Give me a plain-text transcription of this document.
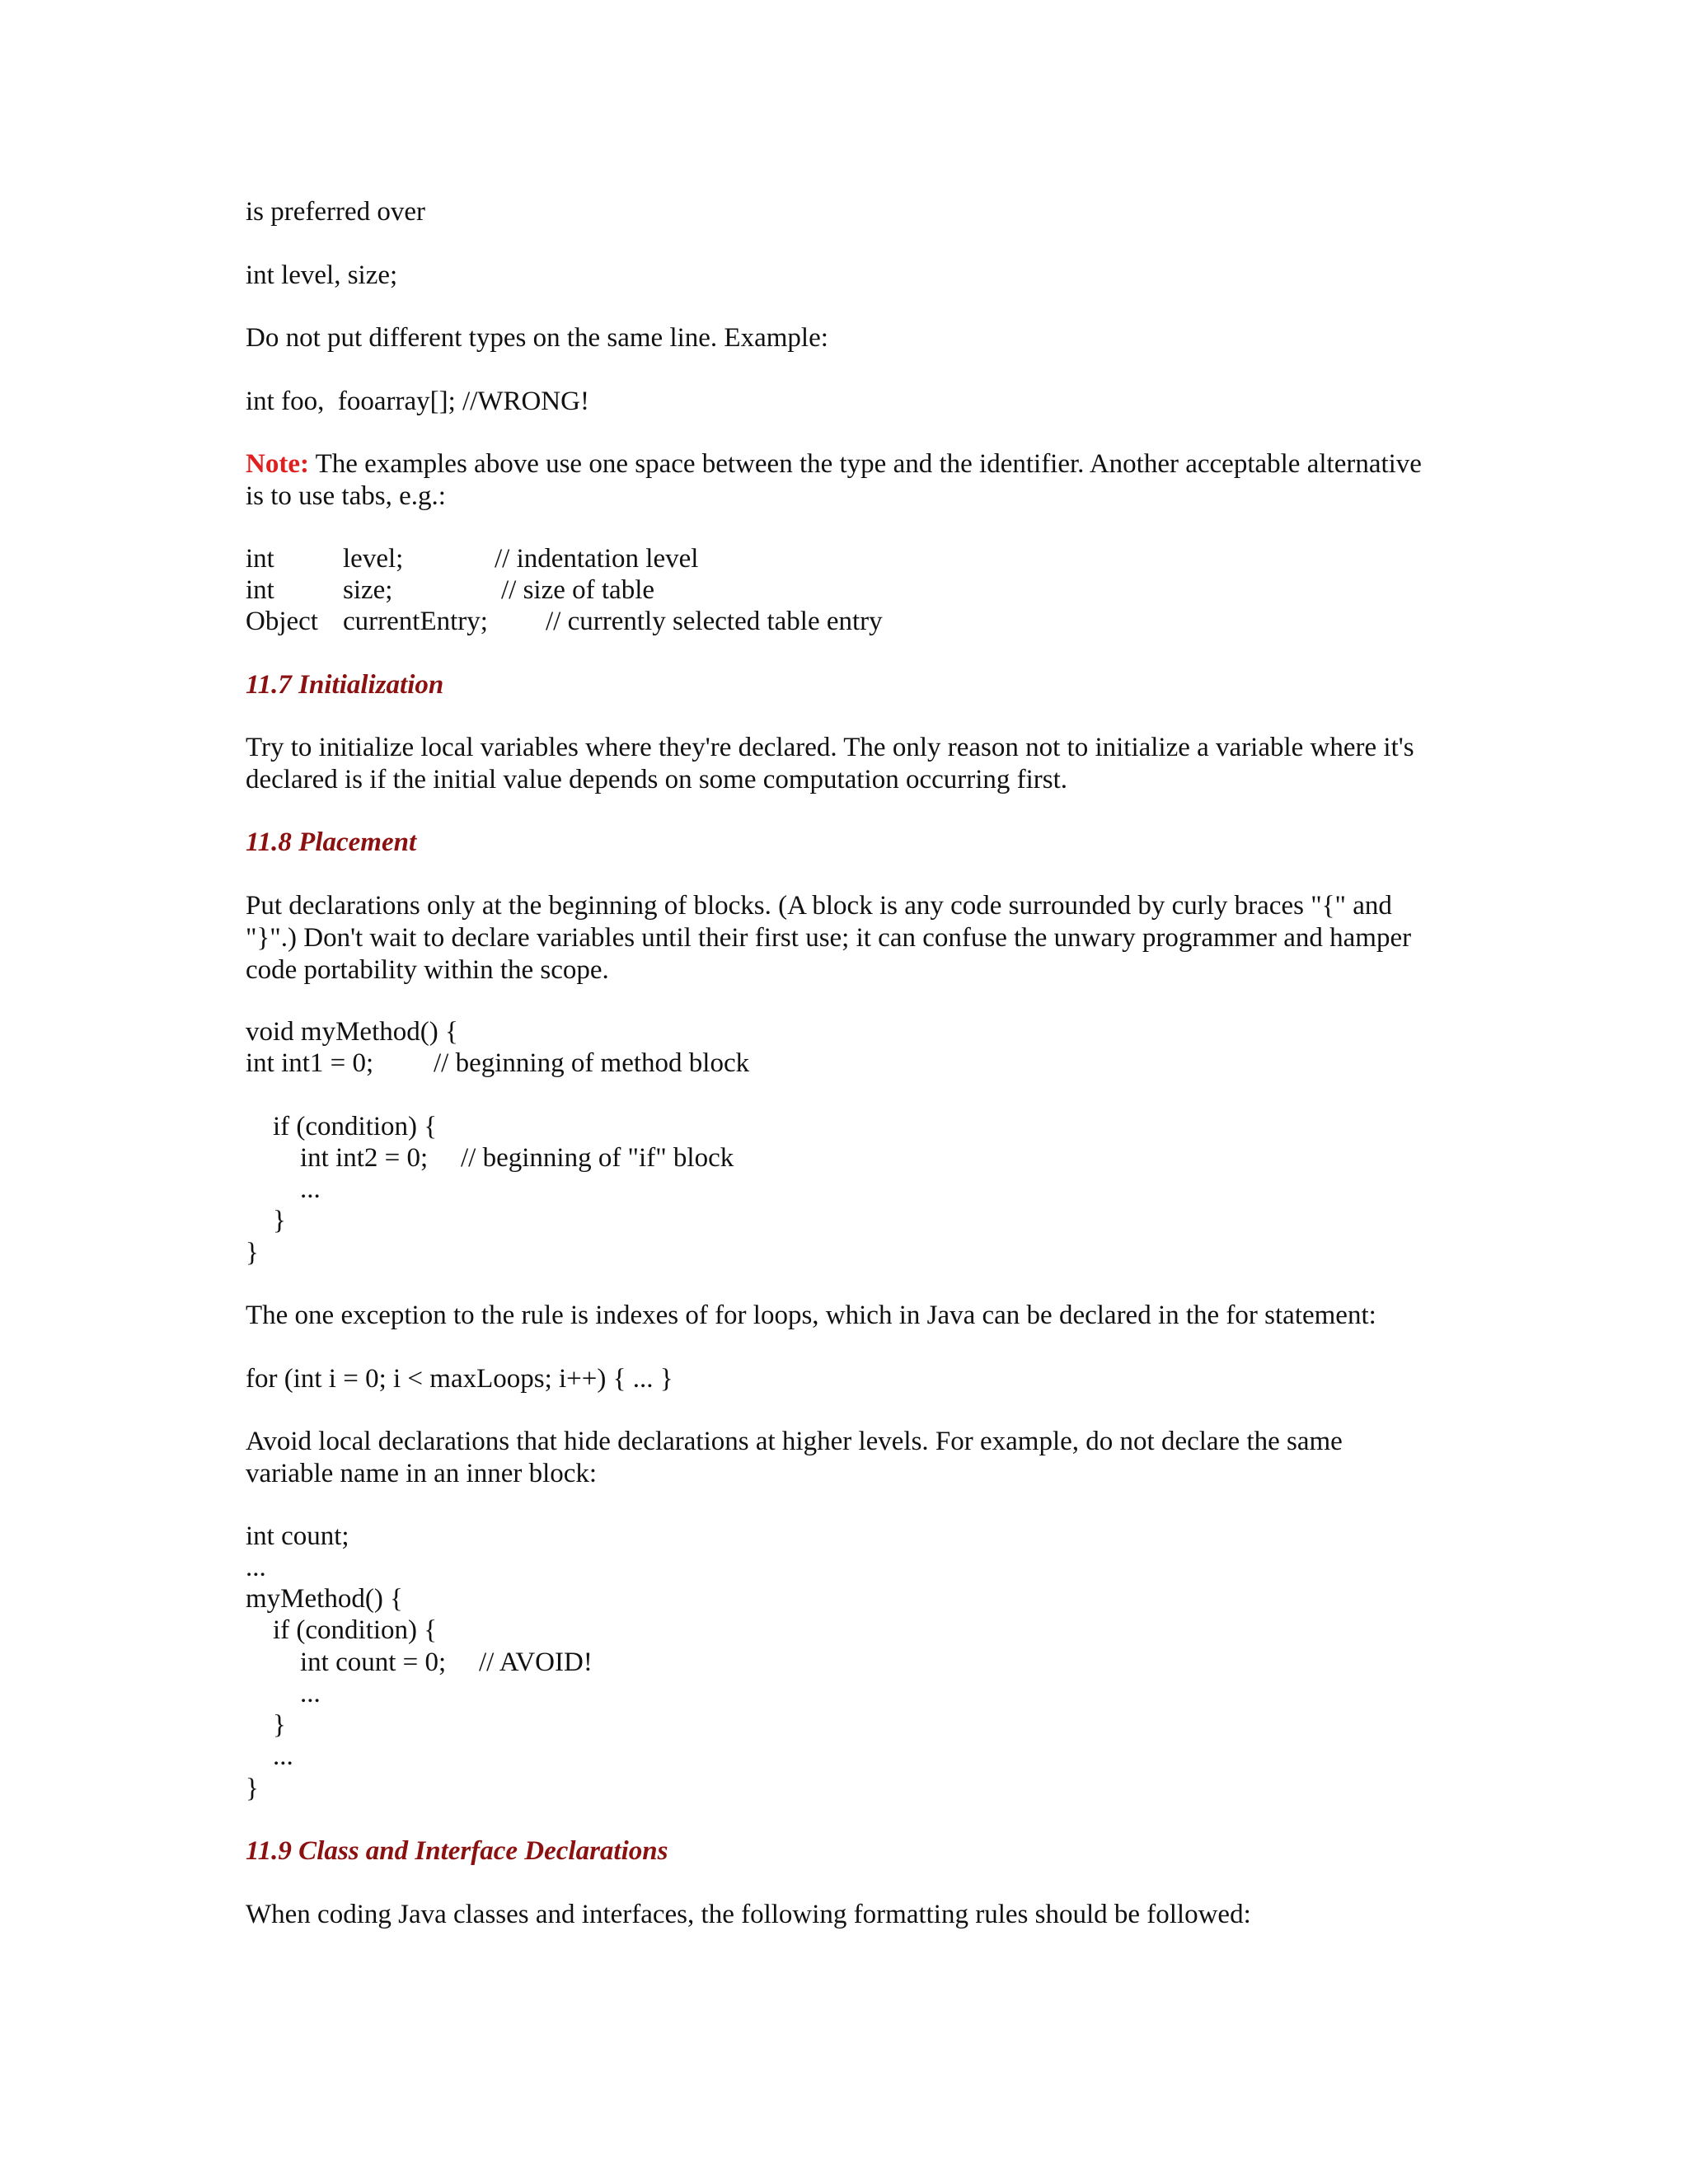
is preferred over
int level, size;
Do not put different types on the same line. Example:
int foo,  fooarray[]; //WRONG!
Note: The examples above use one space between the type and the identifier. Another acceptable alternative is to use tabs, e.g.:
int	level;	// indentation level
int	size;	// size of table
Object currentEntry; // currently selected table entry
11.7 Initialization
Try to initialize local variables where they're declared. The only reason not to initialize a variable where it's declared is if the initial value depends on some computation occurring first.
11.8 Placement
Put declarations only at the beginning of blocks. (A block is any code surrounded by curly braces "{" and "}".) Don't wait to declare variables until their first use; it can confuse the unwary programmer and hamper code portability within the scope.
void myMethod() {
int int1 = 0; // beginning of method block
if (condition) {
int int2 = 0; // beginning of "if" block
...
}
}
The one exception to the rule is indexes of for loops, which in Java can be declared in the for statement:
for (int i = 0; i < maxLoops; i++) { ... }
Avoid local declarations that hide declarations at higher levels. For example, do not declare the same variable name in an inner block:
int count;
...
myMethod() {
if (condition) {
int count = 0; // AVOID!
...
}
...
}
11.9 Class and Interface Declarations
When coding Java classes and interfaces, the following formatting rules should be followed:
